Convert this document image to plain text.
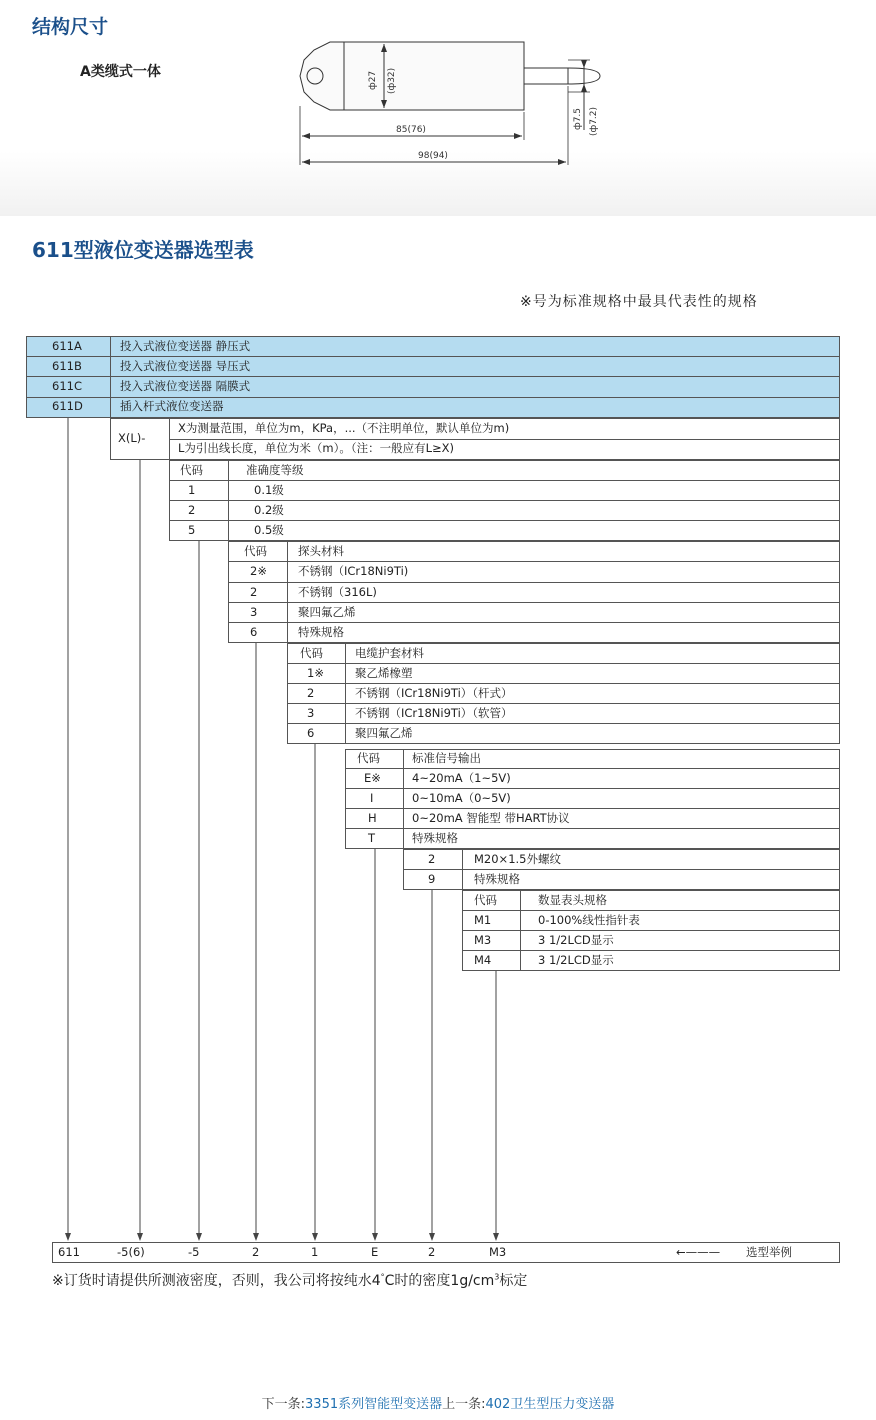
结构尺寸
A类缆式一体	ф27 (ф32)
85(76)
98(94)
ф7.5 (ф7.2)
611型液位变送器选型表
※号为标准规格中最具代表性的规格
611A	投入式液位变送器 静压式
611B	投入式液位变送器 导压式
611C	投入式液位变送器 隔膜式
611D	插入杆式液位变送器
X(L)-
X为测量范围，单位为m，KPa，...（不注明单位，默认单位为m)
L为引出线长度，单位为米（m）。（注：一般应有L≥X)
代码	准确度等级
1	0.1级
2	0.2级
5	0.5级
代码	探头材料
2※	不锈钢（ICr18Ni9Ti)
2	不锈钢（316L)
3	聚四氟乙烯
6	特殊规格
代码	电缆护套材料
1※	聚乙烯橡塑
2	不锈钢（ICr18Ni9Ti）（杆式）
3	不锈钢（ICr18Ni9Ti）（软管）
6	聚四氟乙烯
代码	标准信号输出
E※	4~20mA（1~5V)
I	0~10mA（0~5V)
H	0~20mA 智能型 带HART协议
T	特殊规格
2	M20×1.5外螺纹
9	特殊规格
代码	数显表头规格
M1	0-100%线性指针表
M3	3 1/2LCD显示
M4	3 1/2LCD显示
611	-5(6)	-5	2	1	E	2	M3	←——— 选型举例
※订货时请提供所测液密度，否则，我公司将按纯水4°C时的密度$1g/cm^3$标定
下一条:3351系列智能型变送器上一条:402卫生型压力变送器
